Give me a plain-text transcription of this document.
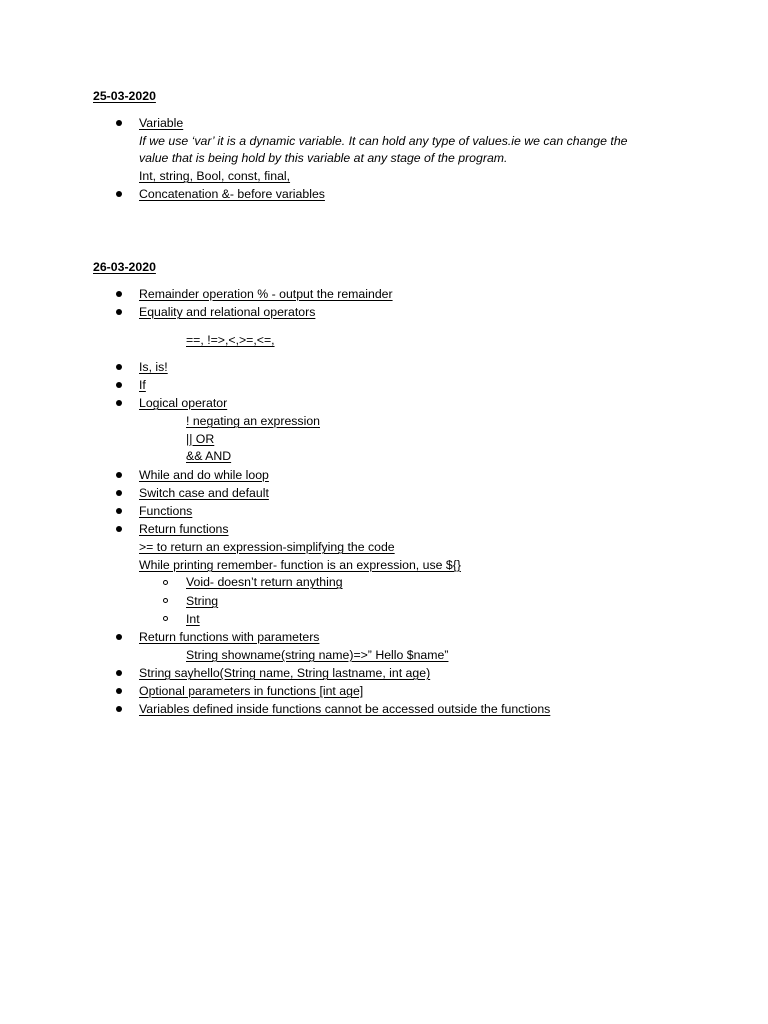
25-03-2020
Variable
If we use ‘var’ it is a dynamic variable. It can hold any type of values.ie we can change the
value that is being hold by this variable at any stage of the program.
Int, string, Bool, const, final,
Concatenation &- before variables
26-03-2020
Remainder operation % - output the remainder
Equality and relational operators
==, !=>,<,>=,<=,
Is, is!
If
Logical operator
! negating an expression
|| OR
&& AND
While and do while loop
Switch case and default
Functions
Return functions
>= to return an expression-simplifying the code
While printing remember- function is an expression, use ${}
Void- doesn’t return anything
String
Int
Return functions with parameters
String showname(string name)=>” Hello $name”
String sayhello(String name, String lastname, int age)
Optional parameters in functions [int age]
Variables defined inside functions cannot be accessed outside the functions
